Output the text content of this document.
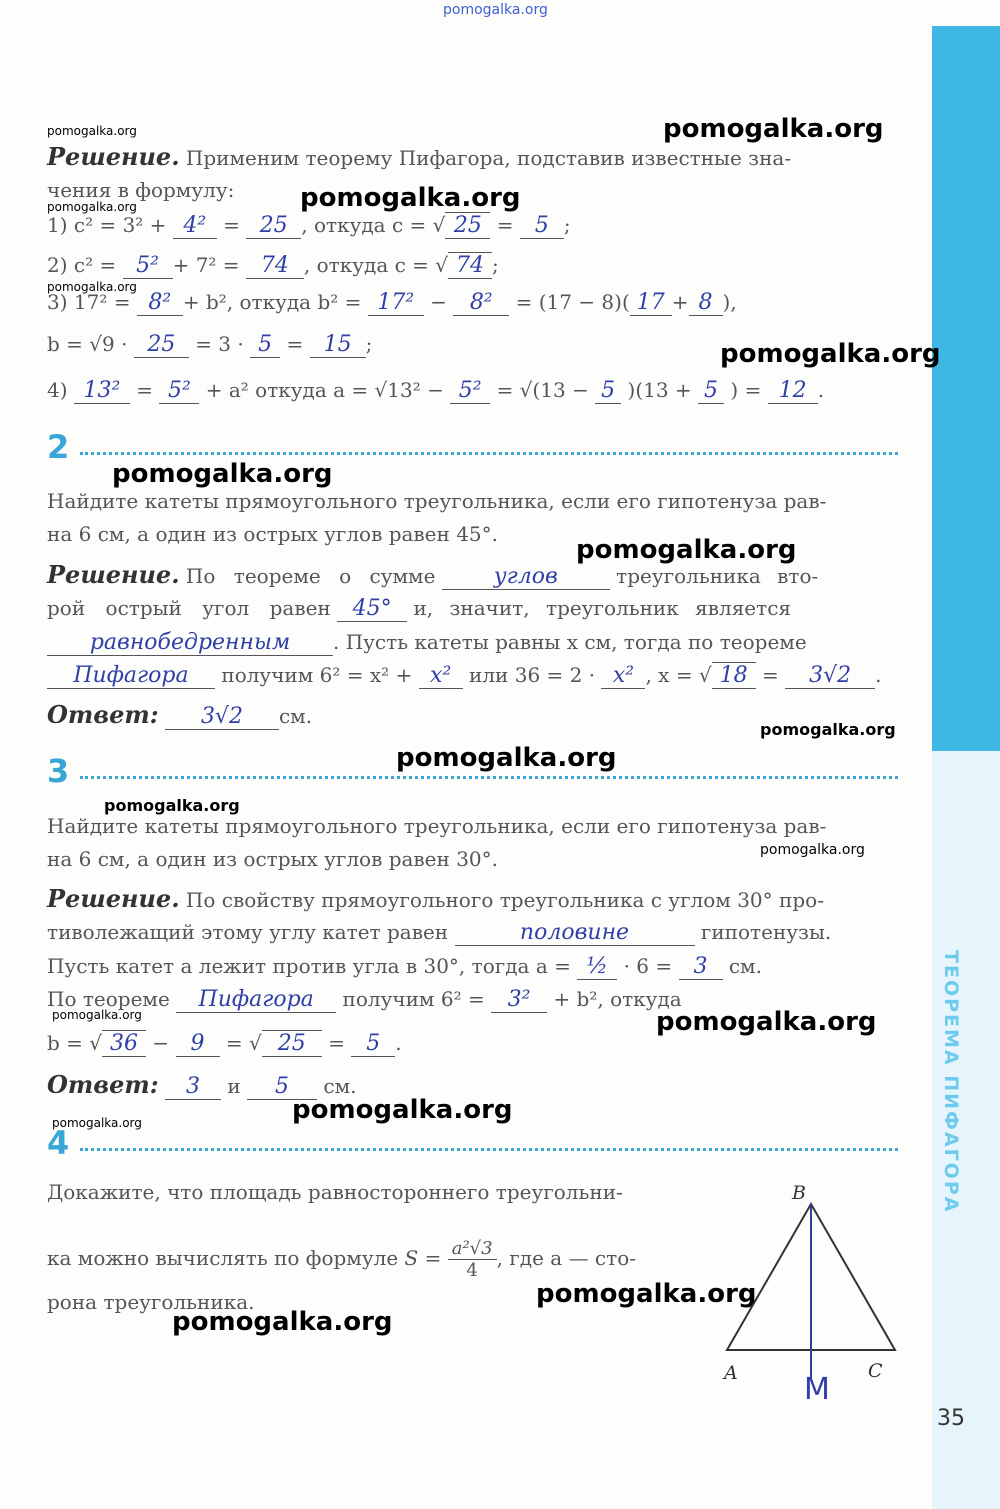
ТЕОРЕМА ПИФАГОРА
35
pomogalka.org
pomogalka.org	pomogalka.org
pomogalka.org
pomogalka.org
pomogalka.org
pomogalka.org
pomogalka.org
pomogalka.org
pomogalka.org
pomogalka.org
pomogalka.org
pomogalka.org
pomogalka.org	pomogalka.org
pomogalka.org
pomogalka.org
pomogalka.org
pomogalka.org
Решение. Применим теорему Пифагора, подставив известные зна-
чения в формулу:
1) c² = 3² + 4² = 25 , откуда c = √ 25 = 5 ;
2) c² = 5² + 7² = 74 , откуда c = √ 74 ;
3) 17² = 8² + b², откуда b² = 17² − 8² = (17 − 8)( 17 + 8 ),
b = √9 · 25 = 3 · 5 = 15 ;
4) 13² = 5² + a² откуда a = √13² − 5² = √(13 − 5 )(13 + 5 ) = 12 .
2
Найдите катеты прямоугольного треугольника, если его гипотенуза рав-
на 6 см, а один из острых углов равен 45°.
Решение. По теореме о сумме	углов	треугольника вто-
рой острый угол равен 45° и, значит, треугольник является
равнобедренным . Пусть катеты равны x см, тогда по теореме
Пифагора получим 6² = x² + x² или 36 = 2 · x² , x = √ 18 = 3√2 .
Ответ: 3√2 см.
3
Найдите катеты прямоугольного треугольника, если его гипотенуза рав-
на 6 см, а один из острых углов равен 30°.
Решение. По свойству прямоугольного треугольника с углом 30° про-
тиволежащий этому углу катет равен	половине	гипотенузы.
Пусть катет a лежит против угла в 30°, тогда a = ½ · 6 = 3 см.
По теореме Пифагора получим 6² = 3² + b², откуда
b = √ 36 − 9 = √ 25 = 5 .
Ответ: 3 и 5 см.
4
Докажите, что площадь равностороннего треугольни-
ка можно вычислять по формуле $S = \frac{\text{a²√3}}{4}$ , где a — сто-
рона треугольника.
B
A	C
M
